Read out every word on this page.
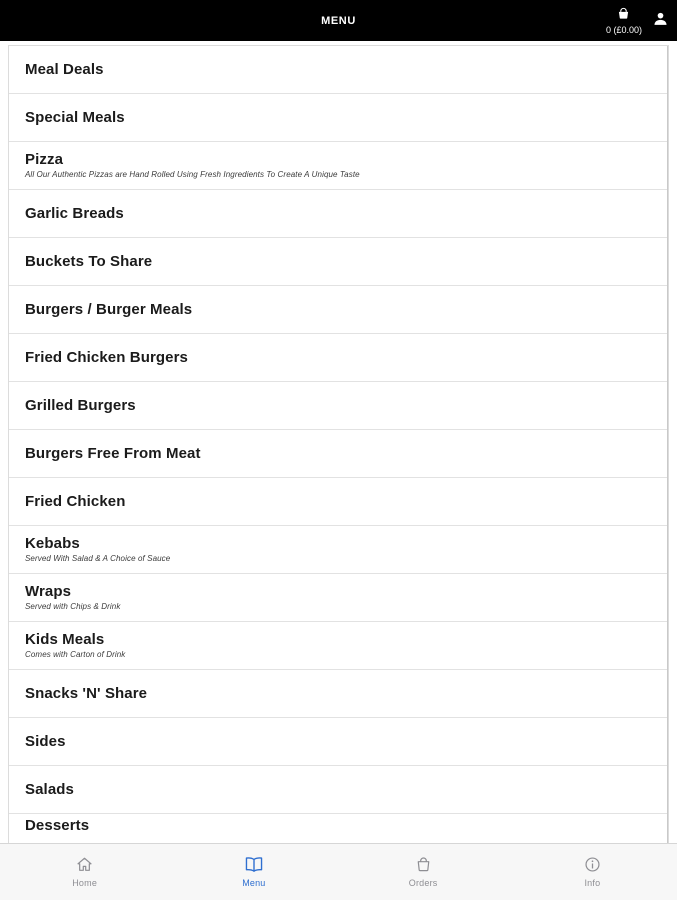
MENU
0 (£0.00)
Meal Deals
Special Meals
Pizza
All Our Authentic Pizzas are Hand Rolled Using Fresh Ingredients To Create A Unique Taste
Garlic Breads
Buckets To Share
Burgers / Burger Meals
Fried Chicken Burgers
Grilled Burgers
Burgers Free From Meat
Fried Chicken
Kebabs
Served With Salad & A Choice of Sauce
Wraps
Served with Chips & Drink
Kids Meals
Comes with Carton of Drink
Snacks 'N' Share
Sides
Salads
Desserts
Home	Menu	Orders	Info
